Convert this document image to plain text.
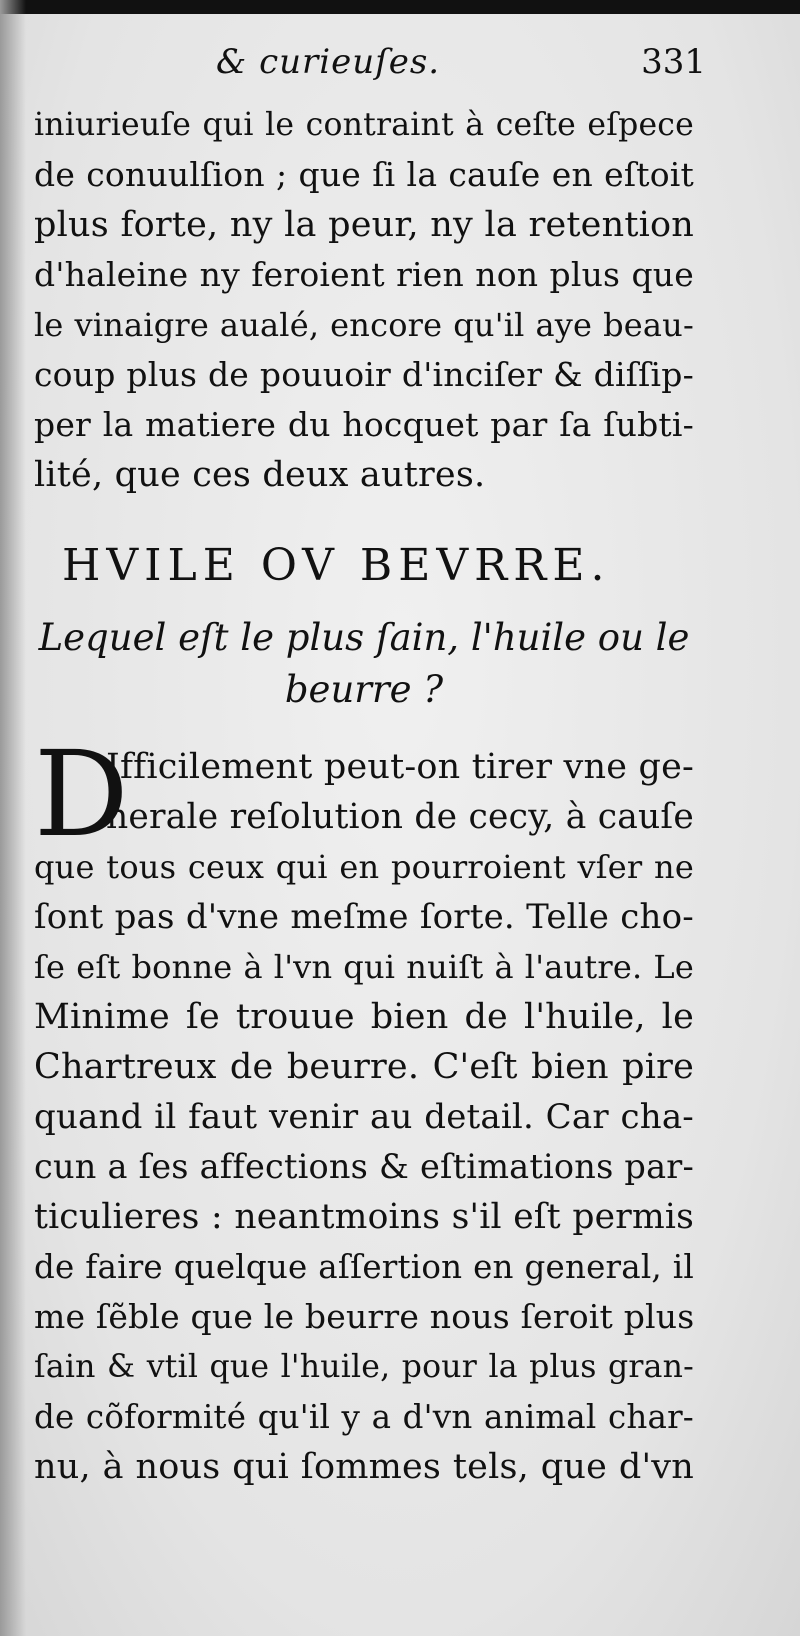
& curieuſes.	331
iniurieuſe qui le contraint à ceſte eſpece
de conuulſion ; que ſi la cauſe en eſtoit
plus forte, ny la peur, ny la retention
d'haleine ny feroient rien non plus que
le vinaigre aualé, encore qu'il aye beau-
coup plus de pouuoir d'inciſer & diſſip-
per la matiere du hocquet par ſa ſubti-
lité, que ces deux autres.
HVILE OV BEVRRE.
Lequel eſt le plus ſain, l'huile ou le
beurre ?
D
Ifficilement peut-on tirer vne ge-
nerale reſolution de cecy, à cauſe
que tous ceux qui en pourroient vſer ne
ſont pas d'vne meſme ſorte. Telle cho-
ſe eſt bonne à l'vn qui nuiſt à l'autre. Le
Minime ſe trouue bien de l'huile, le
Chartreux de beurre. C'eſt bien pire
quand il faut venir au detail. Car cha-
cun a ſes affections & eſtimations par-
ticulieres : neantmoins s'il eſt permis
de faire quelque aſſertion en general, il
me ſẽble que le beurre nous ſeroit plus
ſain & vtil que l'huile, pour la plus gran-
de cõformité qu'il y a d'vn animal char-
nu, à nous qui ſommes tels, que d'vn
